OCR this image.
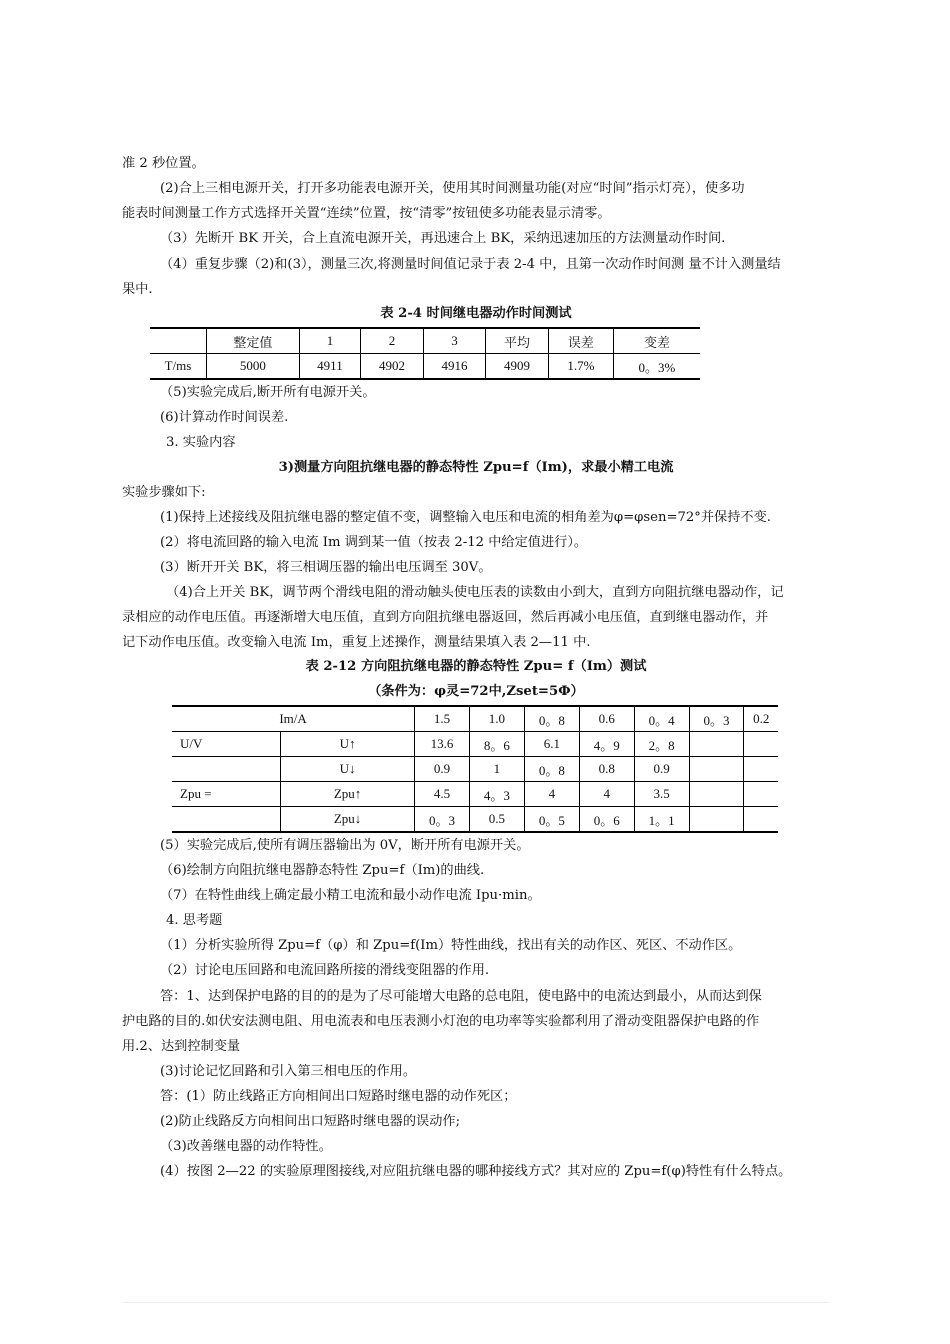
准 2 秒位置。
(2)合上三相电源开关，打开多功能表电源开关，使用其时间测量功能(对应“时间”指示灯亮），使多功
能表时间测量工作方式选择开关置“连续”位置，按“清零”按钮使多功能表显示清零。
（3）先断开 BK 开关，合上直流电源开关，再迅速合上 BK，采纳迅速加压的方法测量动作时间.
（4）重复步骤（2)和(3），测量三次,将测量时间值记录于表 2-4 中，且第一次动作时间测 量不计入测量结
果中.
表 2-4 时间继电器动作时间测试
	整定值	1	2	3	平均	误差	变差
T/ms	5000	4911	4902	4916	4909	1.7%	0。3%
（5)实验完成后,断开所有电源开关。
(6)计算动作时间误差.
3. 实验内容
3)测量方向阻抗继电器的静态特性 Zpu=f（Im)，求最小精工电流
实验步骤如下:
(1)保持上述接线及阻抗继电器的整定值不变，调整输入电压和电流的相角差为φ=φsen=72°并保持不变.
(2）将电流回路的输入电流 Im 调到某一值（按表 2-12 中给定值进行）。
(3）断开开关 BK，将三相调压器的输出电压调至 30V。
（4)合上开关 BK，调节两个滑线电阻的滑动触头使电压表的读数由小到大，直到方向阻抗继电器动作，记
录相应的动作电压值。再逐渐增大电压值，直到方向阻抗继电器返回，然后再减小电压值，直到继电器动作，并
记下动作电压值。改变输入电流 Im，重复上述操作，测量结果填入表 2—11 中.
表 2-12 方向阻抗继电器的静态特性 Zpu= f（Im）测试
（条件为：φ灵=72中,Zset=5Ф）
Im/A		1.5	1.0	0。8	0.6	0。4	0。3	0.2
U/V	U↑	13.6	8。6	6.1	4。9	2。8		
	U↓	0.9	1	0。8	0.8	0.9		
Zpu =	Zpu↑	4.5	4。3	4	4	3.5		
	Zpu↓	0。3	0.5	0。5	0。6	1。1		
(5）实验完成后,使所有调压器输出为 0V，断开所有电源开关。
（6)绘制方向阻抗继电器静态特性 Zpu=f（Im)的曲线.
（7）在特性曲线上确定最小精工电流和最小动作电流 Ipu·min。
4. 思考题
（1）分析实验所得 Zpu=f（φ）和 Zpu=f(Im）特性曲线，找出有关的动作区、死区、不动作区。
（2）讨论电压回路和电流回路所接的滑线变阻器的作用.
答：1、达到保护电路的目的的是为了尽可能增大电路的总电阻，使电路中的电流达到最小，从而达到保
护电路的目的.如伏安法测电阻、用电流表和电压表测小灯泡的电功率等实验都利用了滑动变阻器保护电路的作
用.2、达到控制变量
(3)讨论记忆回路和引入第三相电压的作用。
答：(1）防止线路正方向相间出口短路时继电器的动作死区；
(2)防止线路反方向相间出口短路时继电器的误动作;
（3)改善继电器的动作特性。
(4）按图 2—22 的实验原理图接线,对应阻抗继电器的哪种接线方式？其对应的 Zpu=f(φ)特性有什么特点。
